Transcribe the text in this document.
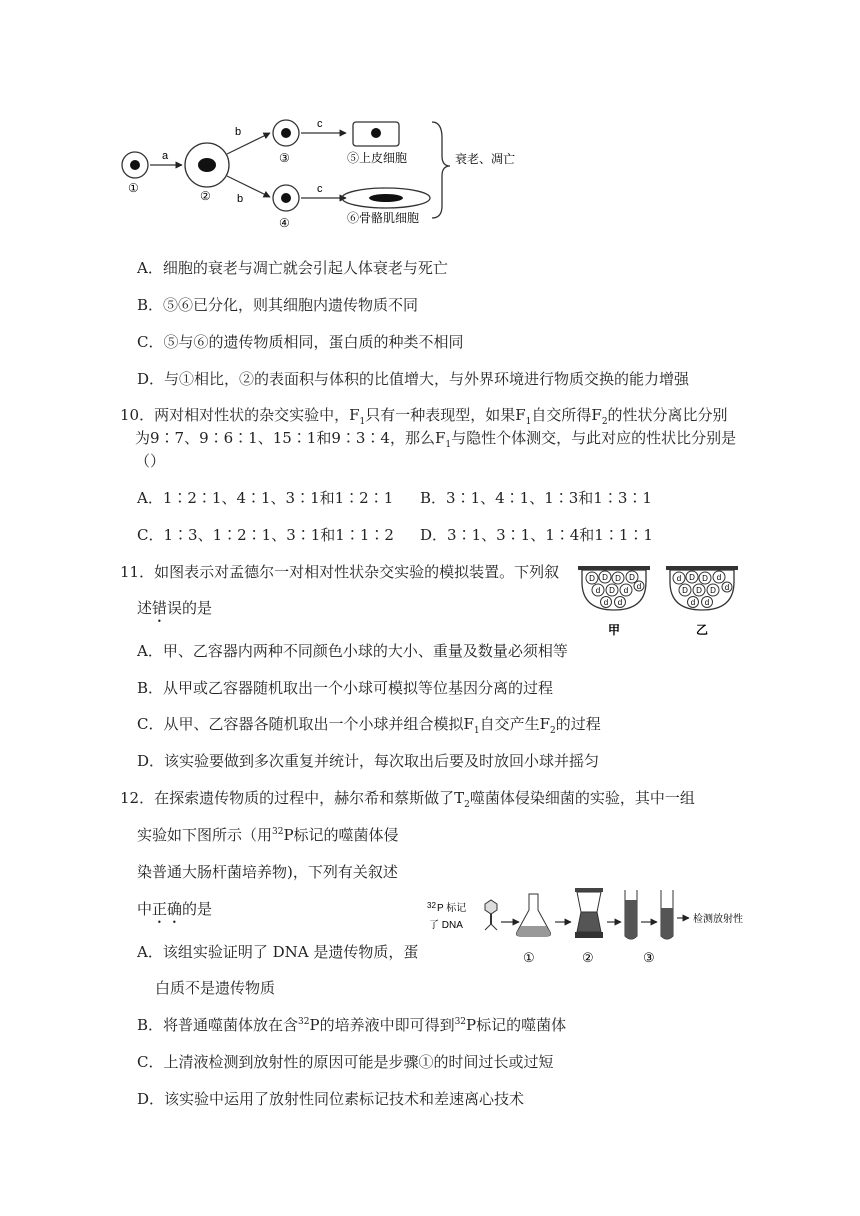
a
b
b
c
c
①
②
③
④
⑤上皮细胞
⑥骨骼肌细胞
衰老、凋亡
A．细胞的衰老与凋亡就会引起人体衰老与死亡
B．⑤⑥已分化，则其细胞内遗传物质不同
C．⑤与⑥的遗传物质相同，蛋白质的种类不相同
D．与①相比，②的表面积与体积的比值增大，与外界环境进行物质交换的能力增强
10．两对相对性状的杂交实验中，$F_1$只有一种表现型，如果$F_1$自交所得$F_2$的性状分离比分别
为9∶7、9∶6∶1、15∶1和9∶3∶4，那么$F_1$与隐性个体测交，与此对应的性状比分别是
（）
A．1∶2∶1、4∶1、3∶1和1∶2∶1 B．3∶1、4∶1、1∶3和1∶3∶1
C．1∶3、1∶2∶1、3∶1和1∶1∶2 D．3∶1、3∶1、1∶4和1∶1∶1
11．如图表示对孟德尔一对相对性状杂交实验的模拟装置。下列叙
述错误的是
D D D D
d D d d
d d
甲
d D D d
D D D d
d d
乙
A．甲、乙容器内两种不同颜色小球的大小、重量及数量必须相等
B．从甲或乙容器随机取出一个小球可模拟等位基因分离的过程
C．从甲、乙容器各随机取出一个小球并组合模拟$F_1$自交产生$F_2$的过程
D．该实验要做到多次重复并统计，每次取出后要及时放回小球并摇匀
12．在探索遗传物质的过程中，赫尔希和蔡斯做了$T_2$噬菌体侵染细菌的实验，其中一组
实验如下图所示（用$^{32}$P标记的噬菌体侵
染普通大肠杆菌培养物)，下列有关叙述
中正确的是	32 P 标记
了 DNA
检测放射性
①	②	③
A．该组实验证明了 DNA 是遗传物质，蛋
白质不是遗传物质
B．将普通噬菌体放在含$^{32}$P的培养液中即可得到$^{32}$P标记的噬菌体
C．上清液检测到放射性的原因可能是步骤①的时间过长或过短
D．该实验中运用了放射性同位素标记技术和差速离心技术
